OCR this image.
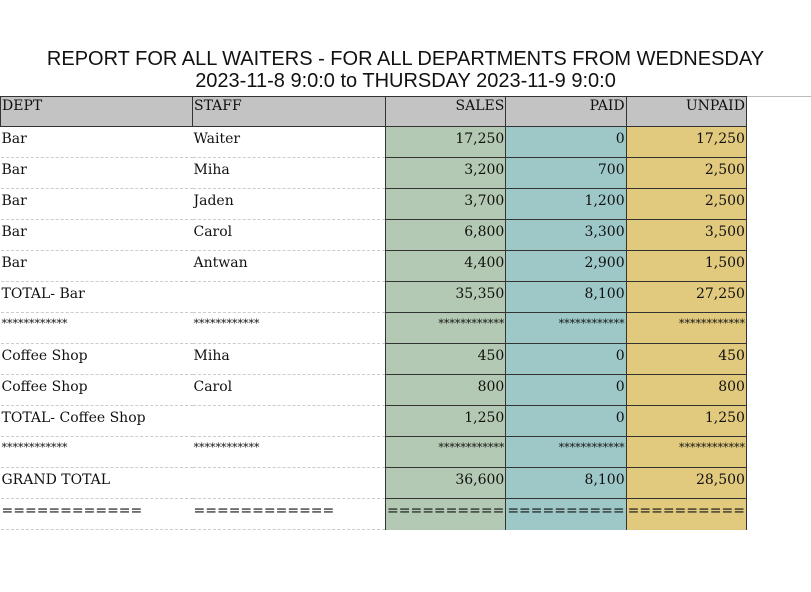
REPORT FOR ALL WAITERS - FOR ALL DEPARTMENTS FROM WEDNESDAY
2023-11-8 9:0:0 to THURSDAY 2023-11-9 9:0:0
DEPT	STAFF	SALES	PAID	UNPAID
Bar	Waiter	17,250	0	17,250
Bar	Miha	3,200	700	2,500
Bar	Jaden	3,700	1,200	2,500
Bar	Carol	6,800	3,300	3,500
Bar	Antwan	4,400	2,900	1,500
TOTAL- Bar		35,350	8,100	27,250
************	************	************	************	************
Coffee Shop	Miha	450	0	450
Coffee Shop	Carol	800	0	800
TOTAL- Coffee Shop		1,250	0	1,250
************	************	************	************	************
GRAND TOTAL		36,600	8,100	28,500
============	============	==========	==========	==========
